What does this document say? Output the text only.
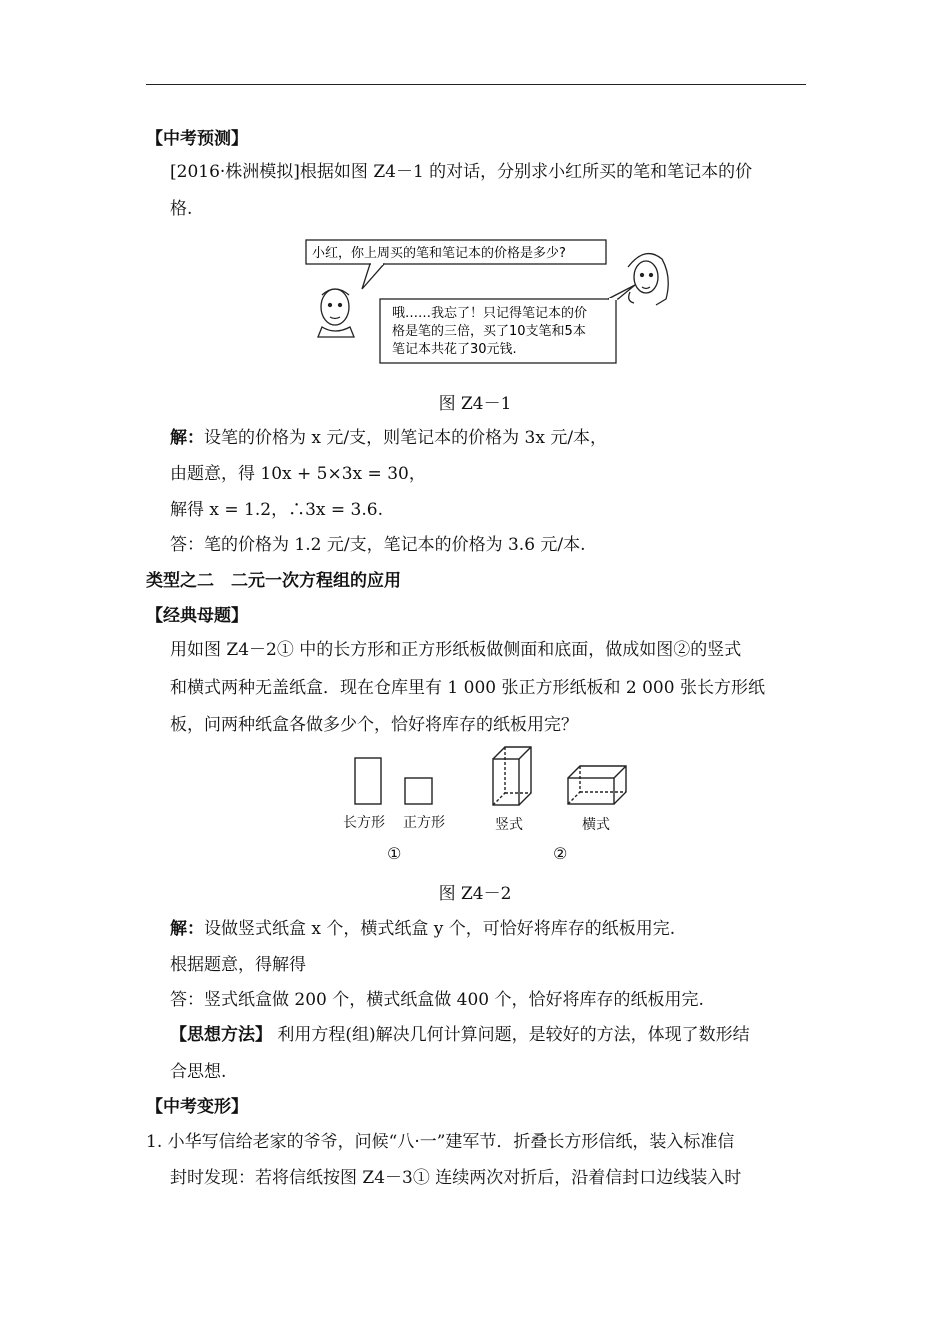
【中考预测】
[2016·株洲模拟]根据如图 Z4－1 的对话，分别求小红所买的笔和笔记本的价
格.
小红，你上周买的笔和笔记本的价格是多少?
哦……我忘了！只记得笔记本的价
格是笔的三倍，买了10支笔和5本
笔记本共花了30元钱.
图 Z4－1
解：设笔的价格为 x 元/支，则笔记本的价格为 3x 元/本，
由题意，得 10x + 5×3x = 30，
解得 x = 1.2，∴3x = 3.6.
答：笔的价格为 1.2 元/支，笔记本的价格为 3.6 元/本.
类型之二　二元一次方程组的应用
【经典母题】
用如图 Z4－2① 中的长方形和正方形纸板做侧面和底面，做成如图②的竖式
和横式两种无盖纸盒．现在仓库里有 1 000 张正方形纸板和 2 000 张长方形纸
板，问两种纸盒各做多少个，恰好将库存的纸板用完？
长方形 正方形	竖式	横式
①	②
图 Z4－2
解：设做竖式纸盒 x 个，横式纸盒 y 个，可恰好将库存的纸板用完.
根据题意，得解得
答：竖式纸盒做 200 个，横式纸盒做 400 个，恰好将库存的纸板用完.
【思想方法】 利用方程(组)解决几何计算问题，是较好的方法，体现了数形结
合思想.
【中考变形】
1. 小华写信给老家的爷爷，问候“八·一”建军节．折叠长方形信纸，装入标准信
封时发现：若将信纸按图 Z4－3① 连续两次对折后，沿着信封口边线装入时
